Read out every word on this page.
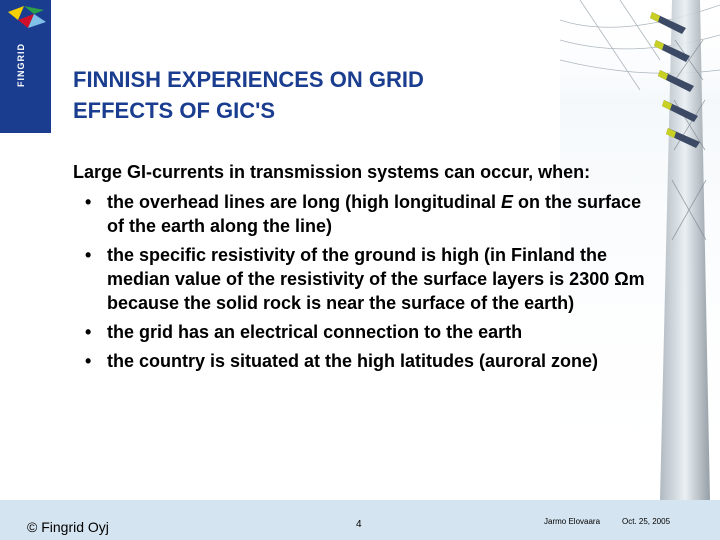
FINGRID FINNISH EXPERIENCES ON GRID
EFFECTS OF GIC'S

Large GI-currents in transmission systems can occur, when:

• the overhead lines are long (high longitudinal E on the surface of the earth along the line)
• the specific resistivity of the ground is high (in Finland the median value of the resistivity of the surface layers is 2300 Ωm because the solid rock is near the surface of the earth)
• the grid has an electrical connection to the earth
• the country is situated at the high latitudes (auroral zone)
© Fingrid Oyj	4	Jarmo Elovaara	Oct. 25, 2005
